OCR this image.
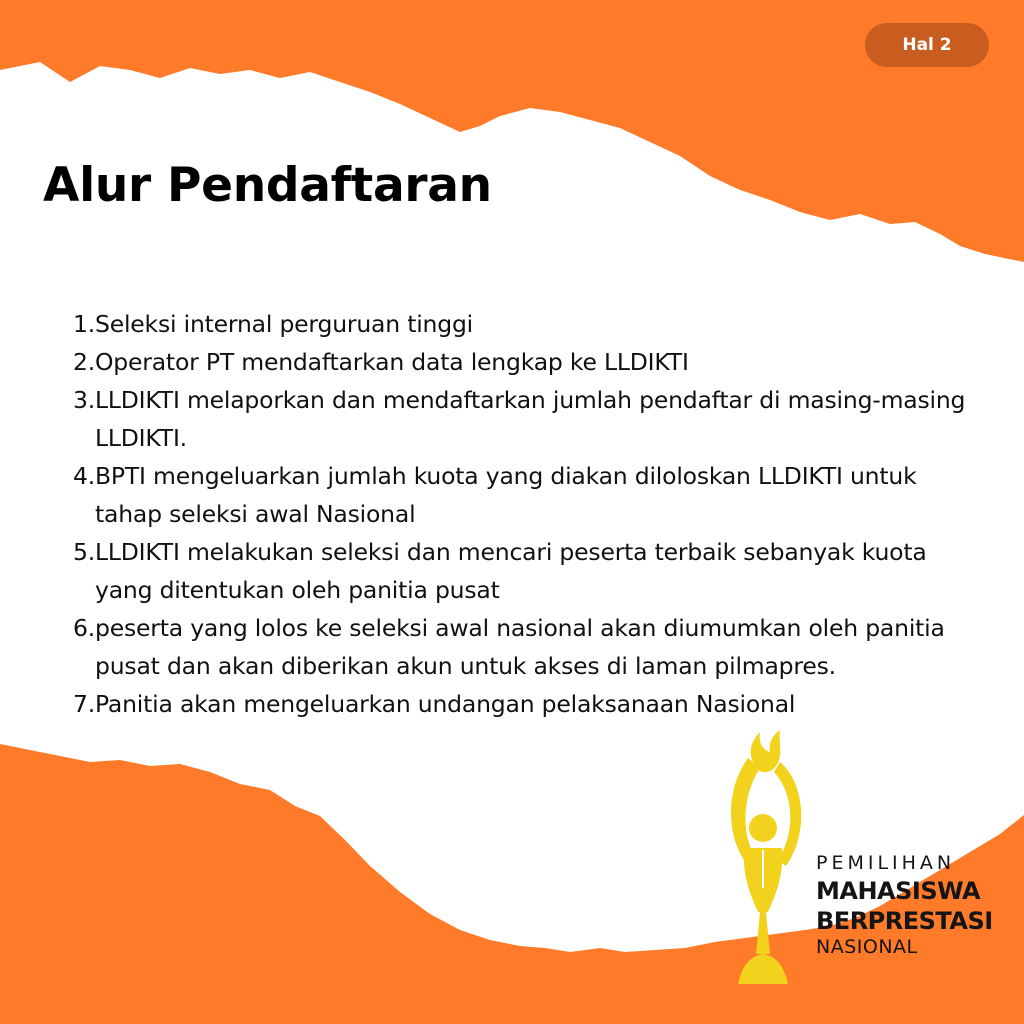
Hal 2
Alur Pendaftaran
1. Seleksi internal perguruan tinggi
2. Operator PT mendaftarkan data lengkap ke LLDIKTI
3. LLDIKTI melaporkan dan mendaftarkan jumlah pendaftar di masing-masing LLDIKTI.
4. BPTI mengeluarkan jumlah kuota yang diakan diloloskan LLDIKTI untuk tahap seleksi awal Nasional
5. LLDIKTI melakukan seleksi dan mencari peserta terbaik sebanyak kuota yang ditentukan oleh panitia pusat
6. peserta yang lolos ke seleksi awal nasional akan diumumkan oleh panitia pusat dan akan diberikan akun untuk akses di laman pilmapres.
7. Panitia akan mengeluarkan undangan pelaksanaan Nasional
PEMILIHAN
MAHASISWA
BERPRESTASI
NASIONAL
